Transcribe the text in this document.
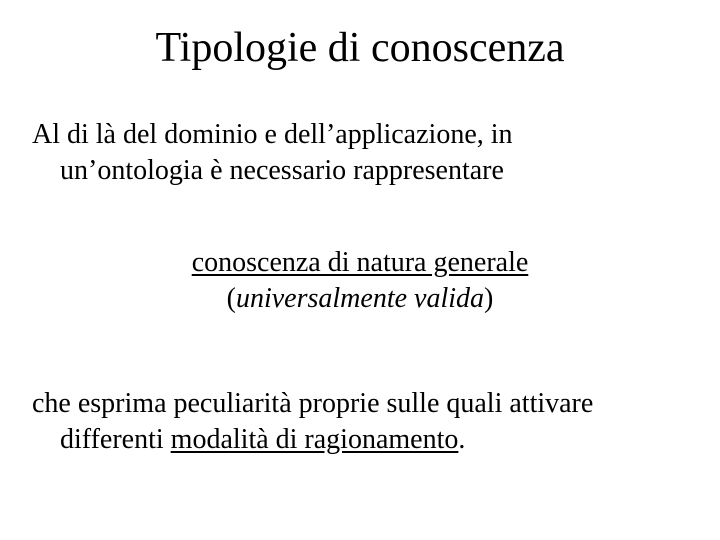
Tipologie di conoscenza

Al di là del dominio e dell’applicazione, in
un’ontologia è necessario rappresentare

conoscenza di natura generale
(universalmente valida)

che esprima peculiarità proprie sulle quali attivare
differenti modalità di ragionamento.
